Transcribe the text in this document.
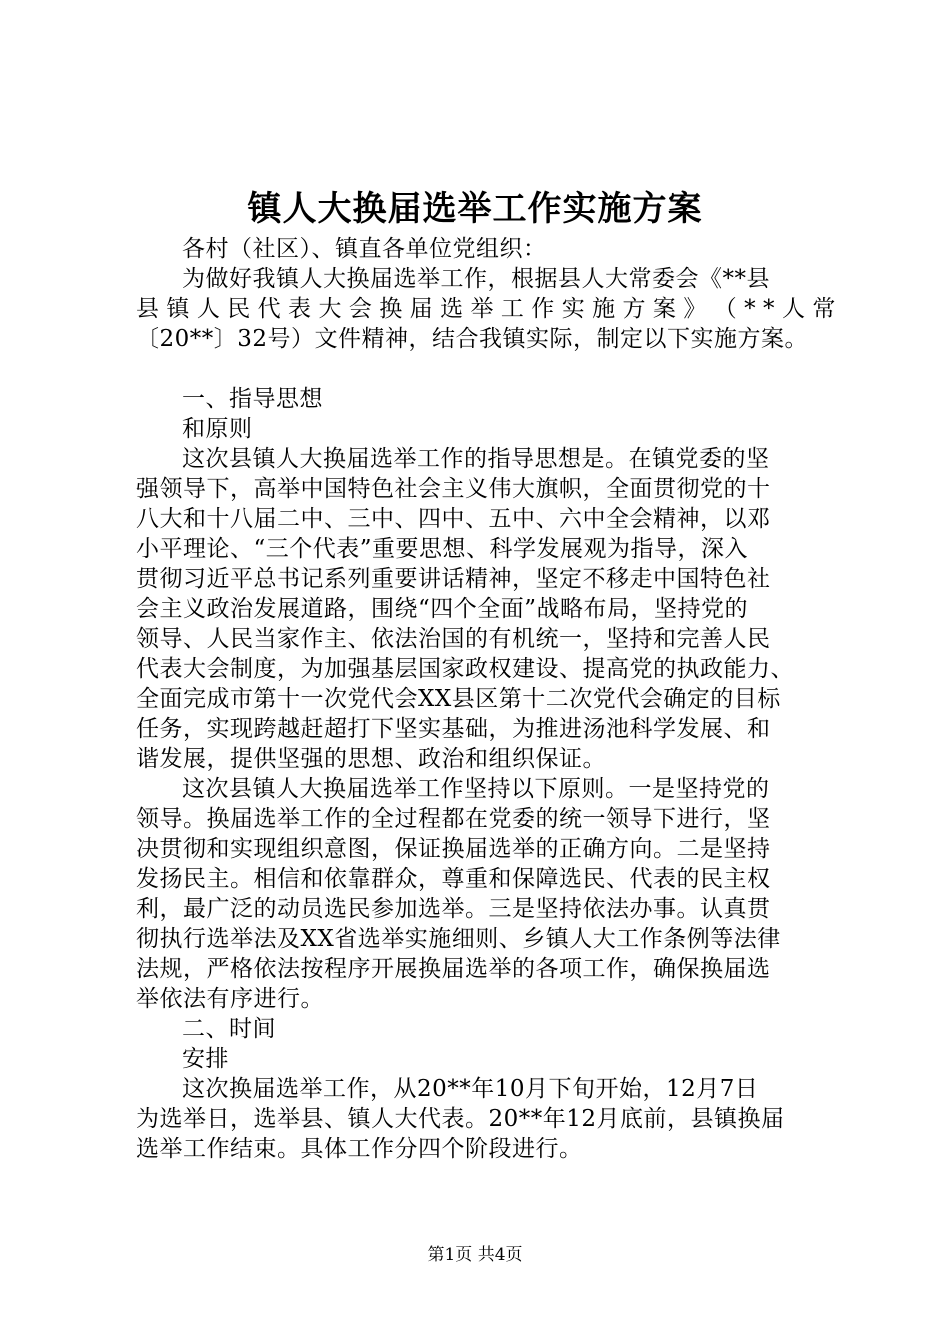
镇人大换届选举工作实施方案
各村（社区）、镇直各单位党组织：
为做好我镇人大换届选举工作，根据县人大常委会《**县
县 镇 人 民 代 表 大 会 换 届 选 举 工 作 实 施 方 案 》 （ * * 人 常
〔20**〕32号）文件精神，结合我镇实际，制定以下实施方案。
一、指导思想
和原则
这次县镇人大换届选举工作的指导思想是。在镇党委的坚
强领导下，高举中国特色社会主义伟大旗帜，全面贯彻党的十
八大和十八届二中、三中、四中、五中、六中全会精神，以邓
小平理论、“三个代表”重要思想、科学发展观为指导，深入
贯彻习近平总书记系列重要讲话精神，坚定不移走中国特色社
会主义政治发展道路，围绕“四个全面”战略布局，坚持党的
领导、人民当家作主、依法治国的有机统一，坚持和完善人民
代表大会制度，为加强基层国家政权建设、提高党的执政能力、
全面完成市第十一次党代会XX县区第十二次党代会确定的目标
任务，实现跨越赶超打下坚实基础，为推进汤池科学发展、和
谐发展，提供坚强的思想、政治和组织保证。
这次县镇人大换届选举工作坚持以下原则。一是坚持党的
领导。换届选举工作的全过程都在党委的统一领导下进行，坚
决贯彻和实现组织意图，保证换届选举的正确方向。二是坚持
发扬民主。相信和依靠群众，尊重和保障选民、代表的民主权
利，最广泛的动员选民参加选举。三是坚持依法办事。认真贯
彻执行选举法及XX省选举实施细则、乡镇人大工作条例等法律
法规，严格依法按程序开展换届选举的各项工作，确保换届选
举依法有序进行。
二、时间
安排
这次换届选举工作，从20**年10月下旬开始，12月7日
为选举日，选举县、镇人大代表。20**年12月底前，县镇换届
选举工作结束。具体工作分四个阶段进行。
第1页 共4页
